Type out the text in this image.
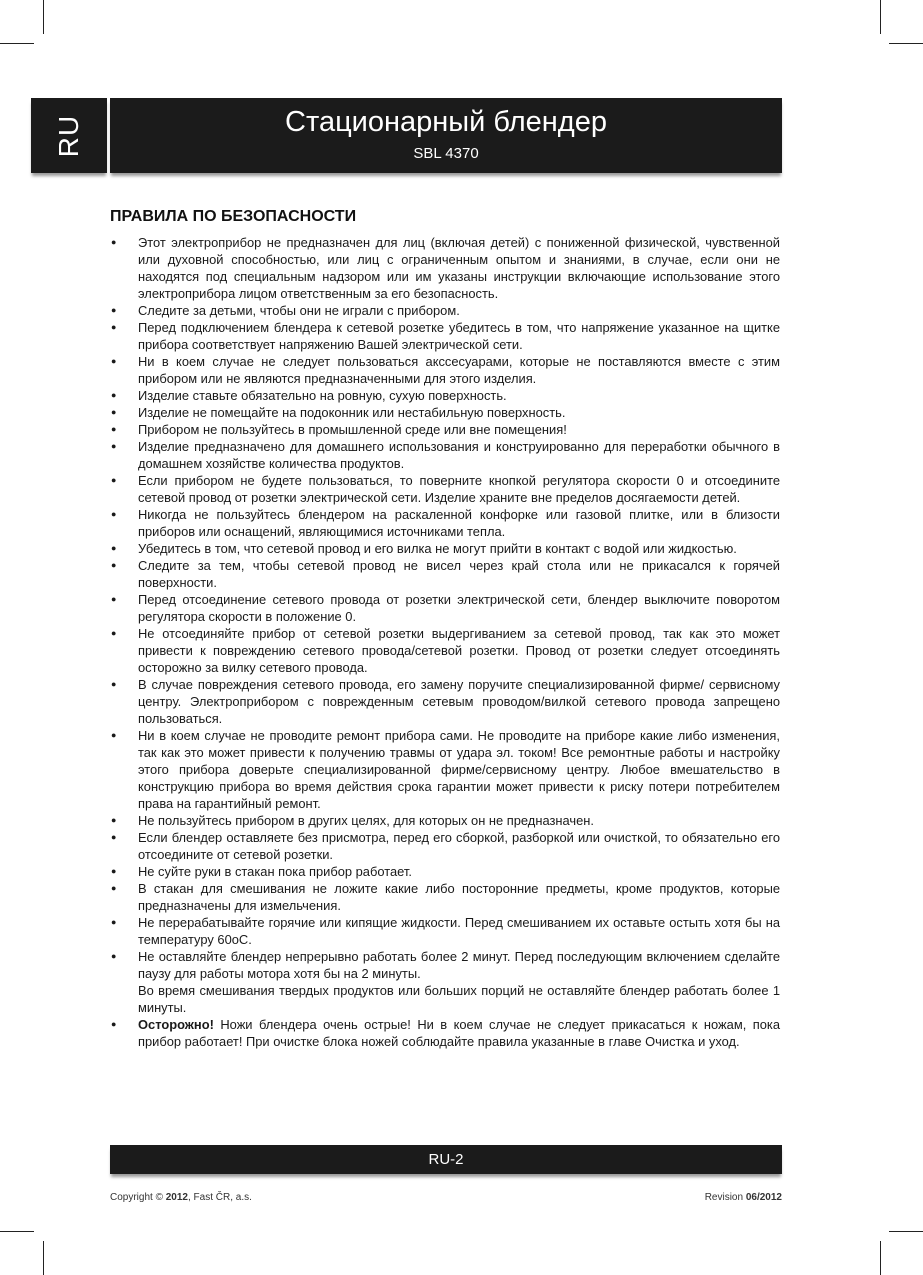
RU	Стационарный блендер
SBL 4370
ПРАВИЛА ПО БЕЗОПАСНОСТИ
● Этот электроприбор не предназначен для лиц (включая детей) с пониженной физической, чувственной или духовной способностью, или лиц с ограниченным опытом и знаниями, в случае, если они не находятся под специальным надзором или им указаны инструкции включающие использование этого электроприбора лицом ответственным за его безопасность.
● Следите за детьми, чтобы они не играли с прибором.
● Перед подключением блендера к сетевой розетке убедитесь в том, что напряжение указанное на щитке прибора соответствует напряжению Вашей электрической сети.
● Ни в коем случае не следует пользоваться акссесуарами, которые не поставляются вместе с этим прибором или не являются предназначенными для этого изделия.
● Изделие ставьте обязательно на ровную, сухую поверхность.
● Изделие не помещайте на подоконник или нестабильную поверхность.
● Прибором не пользуйтесь в промышленной среде или вне помещения!
● Изделие предназначено для домашнего использования и конструированно для переработки обычного в домашнем хозяйстве количества продуктов.
● Если прибором не будете пользоваться, то поверните кнопкой регулятора скорости 0 и отсоедините сетевой провод от розетки электрической сети. Изделие храните вне пределов досягаемости детей.
● Никогда не пользуйтесь блендером на раскаленной конфорке или газовой плитке, или в близости приборов или оснащений, являющимися источниками тепла.
● Убедитесь в том, что сетевой провод и его вилка не могут прийти в контакт с водой или жидкостью.
● Следите за тем, чтобы сетевой провод не висел через край стола или не прикасался к горячей поверхности.
● Перед отсоединение сетевого провода от розетки электрической сети, блендер выключите поворотом регулятора скорости в положение 0.
● Не отсоединяйте прибор от сетевой розетки выдергиванием за сетевой провод, так как это может привести к повреждению сетевого провода/сетевой розетки. Провод от розетки следует отсоединять осторожно за вилку сетевого провода.
● В случае повреждения сетевого провода, его замену поручите специализированной фирме/ сервисному центру. Электроприбором с поврежденным сетевым проводом/вилкой сетевого провода запрещено пользоваться.
● Ни в коем случае не проводите ремонт прибора сами. Не проводите на приборе какие либо изменения, так как это может привести к получению травмы от удара эл. током! Все ремонтные работы и настройку этого прибора доверьте специализированной фирме/сервисному центру. Любое вмешательство в конструкцию прибора во время действия срока гарантии может привести к риску потери потребителем права на гарантийный ремонт.
● Не пользуйтесь прибором в других целях, для которых он не предназначен.
● Если блендер оставляете без присмотра, перед его сборкой, разборкой или очисткой, то обязательно его отсоедините от сетевой розетки.
● Не суйте руки в стакан пока прибор работает.
● В стакан для смешивания не ложите какие либо посторонние предметы, кроме продуктов, которые предназначены для измельчения.
● Не перерабатывайте горячие или кипящие жидкости. Перед смешиванием их оставьте остыть хотя бы на температуру 60oC.
● Не оставляйте блендер непрерывно работать более 2 минут. Перед последующим включением сделайте паузу для работы мотора хотя бы на 2 минуты.
Во время смешивания твердых продуктов или больших порций не оставляйте блендер работать более 1 минуты.
● Осторожно! Ножи блендера очень острые! Ни в коем случае не следует прикасаться к ножам, пока прибор работает! При очистке блока ножей соблюдайте правила указанные в главе Очистка и уход.
RU-2
Copyright © 2012, Fast ČR, a.s.	Revision 06/2012
